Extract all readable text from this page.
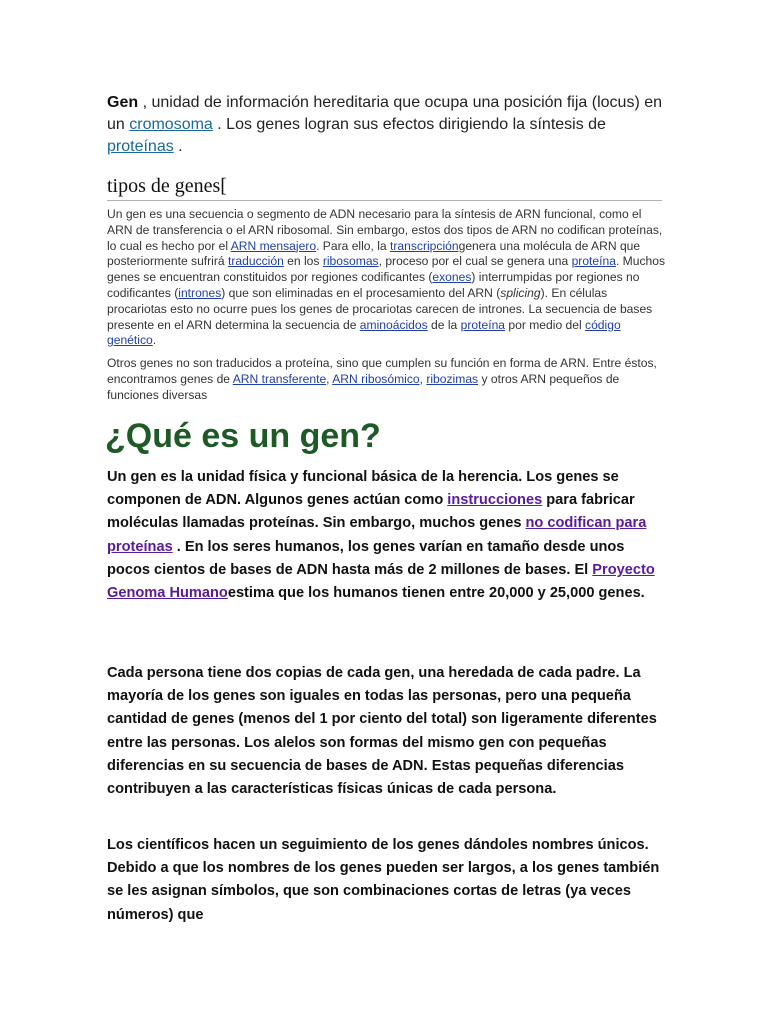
Gen , unidad de información hereditaria que ocupa una posición fija (locus) en un cromosoma . Los genes logran sus efectos dirigiendo la síntesis de proteínas .

tipos de genes[

Un gen es una secuencia o segmento de ADN necesario para la síntesis de ARN funcional, como el ARN de transferencia o el ARN ribosomal. Sin embargo, estos dos tipos de ARN no codifican proteínas, lo cual es hecho por el ARN mensajero. Para ello, la transcripcióngenera una molécula de ARN que posteriormente sufrirá traducción en los ribosomas, proceso por el cual se genera una proteína. Muchos genes se encuentran constituidos por regiones codificantes (exones) interrumpidas por regiones no codificantes (intrones) que son eliminadas en el procesamiento del ARN (splicing). En células procariotas esto no ocurre pues los genes de procariotas carecen de intrones. La secuencia de bases presente en el ARN determina la secuencia de aminoácidos de la proteína por medio del código genético.

Otros genes no son traducidos a proteína, sino que cumplen su función en forma de ARN. Entre éstos, encontramos genes de ARN transferente, ARN ribosómico, ribozimas y otros ARN pequeños de funciones diversas

¿Qué es un gen?

Un gen es la unidad física y funcional básica de la herencia. Los genes se componen de ADN. Algunos genes actúan como instrucciones para fabricar moléculas llamadas proteínas. Sin embargo, muchos genes no codifican para proteínas . En los seres humanos, los genes varían en tamaño desde unos pocos cientos de bases de ADN hasta más de 2 millones de bases. El Proyecto Genoma Humanoestima que los humanos tienen entre 20,000 y 25,000 genes.

Cada persona tiene dos copias de cada gen, una heredada de cada padre. La mayoría de los genes son iguales en todas las personas, pero una pequeña cantidad de genes (menos del 1 por ciento del total) son ligeramente diferentes entre las personas. Los alelos son formas del mismo gen con pequeñas diferencias en su secuencia de bases de ADN. Estas pequeñas diferencias contribuyen a las características físicas únicas de cada persona.

Los científicos hacen un seguimiento de los genes dándoles nombres únicos. Debido a que los nombres de los genes pueden ser largos, a los genes también se les asignan símbolos, que son combinaciones cortas de letras (ya veces números) que
